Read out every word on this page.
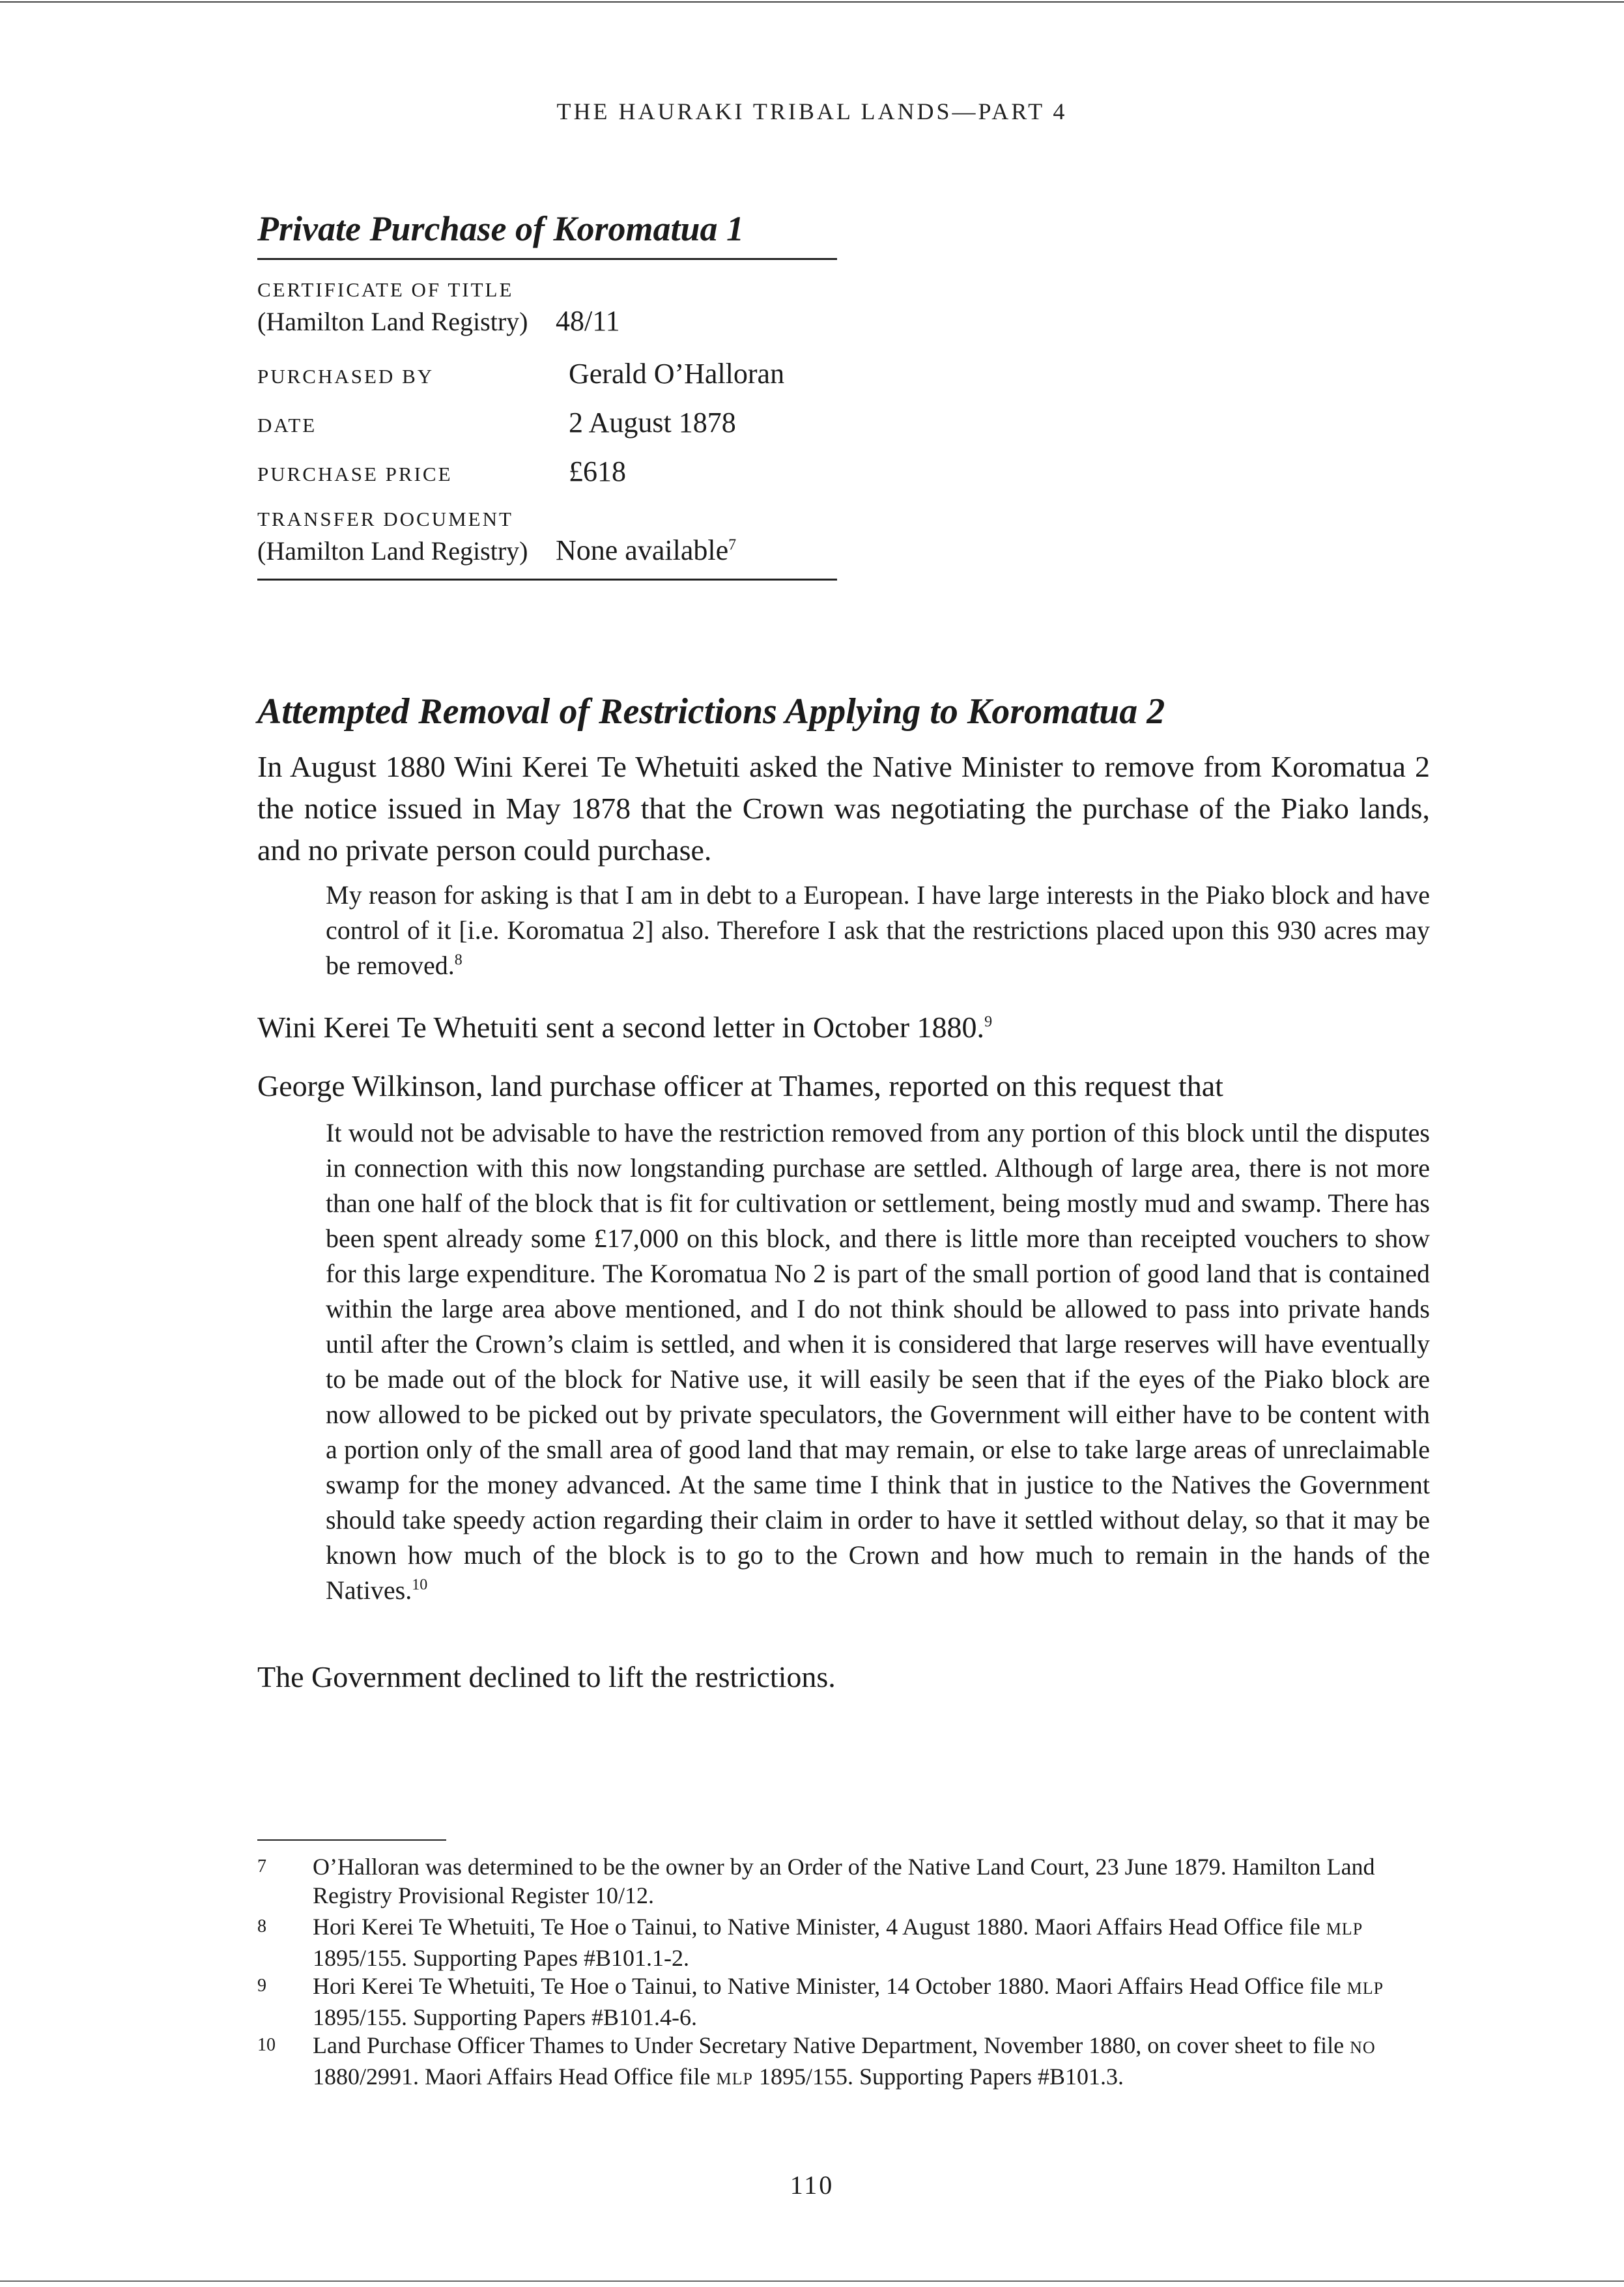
THE HAURAKI TRIBAL LANDS—PART 4
Private Purchase of Koromatua 1
CERTIFICATE OF TITLE
(Hamilton Land Registry) 48/11
PURCHASED BY	Gerald O’Halloran
DATE	2 August 1878
PURCHASE PRICE	£618
TRANSFER DOCUMENT
(Hamilton Land Registry) None available$^7$
Attempted Removal of Restrictions Applying to Koromatua 2

In August 1880 Wini Kerei Te Whetuiti asked the Native Minister to remove from Koromatua 2 the notice issued in May 1878 that the Crown was negotiating the purchase of the Piako lands, and no private person could purchase.

My reason for asking is that I am in debt to a European. I have large interests in the Piako block and have control of it [i.e. Koromatua 2] also. Therefore I ask that the restrictions placed upon this 930 acres may be removed.$^8$

Wini Kerei Te Whetuiti sent a second letter in October 1880.$^9$

George Wilkinson, land purchase officer at Thames, reported on this request that

It would not be advisable to have the restriction removed from any portion of this block until the disputes in connection with this now longstanding purchase are settled. Although of large area, there is not more than one half of the block that is fit for cultivation or settlement, being mostly mud and swamp. There has been spent already some £17,000 on this block, and there is little more than receipted vouchers to show for this large expenditure. The Koromatua No 2 is part of the small portion of good land that is contained within the large area above mentioned, and I do not think should be allowed to pass into private hands until after the Crown’s claim is settled, and when it is considered that large reserves will have eventually to be made out of the block for Native use, it will easily be seen that if the eyes of the Piako block are now allowed to be picked out by private speculators, the Government will either have to be content with a portion only of the small area of good land that may remain, or else to take large areas of unreclaimable swamp for the money advanced. At the same time I think that in justice to the Natives the Government should take speedy action regarding their claim in order to have it settled without delay, so that it may be known how much of the block is to go to the Crown and how much to remain in the hands of the Natives.$^{10}$

The Government declined to lift the restrictions.

7	O’Halloran was determined to be the owner by an Order of the Native Land Court, 23 June 1879. Hamilton Land Registry Provisional Register 10/12.
8	Hori Kerei Te Whetuiti, Te Hoe o Tainui, to Native Minister, 4 August 1880. Maori Affairs Head Office file MLP 1895/155. Supporting Papes #B101.1-2.
9	Hori Kerei Te Whetuiti, Te Hoe o Tainui, to Native Minister, 14 October 1880. Maori Affairs Head Office file MLP 1895/155. Supporting Papers #B101.4-6.
10	Land Purchase Officer Thames to Under Secretary Native Department, November 1880, on cover sheet to file NO 1880/2991. Maori Affairs Head Office file MLP 1895/155. Supporting Papers #B101.3.
110
